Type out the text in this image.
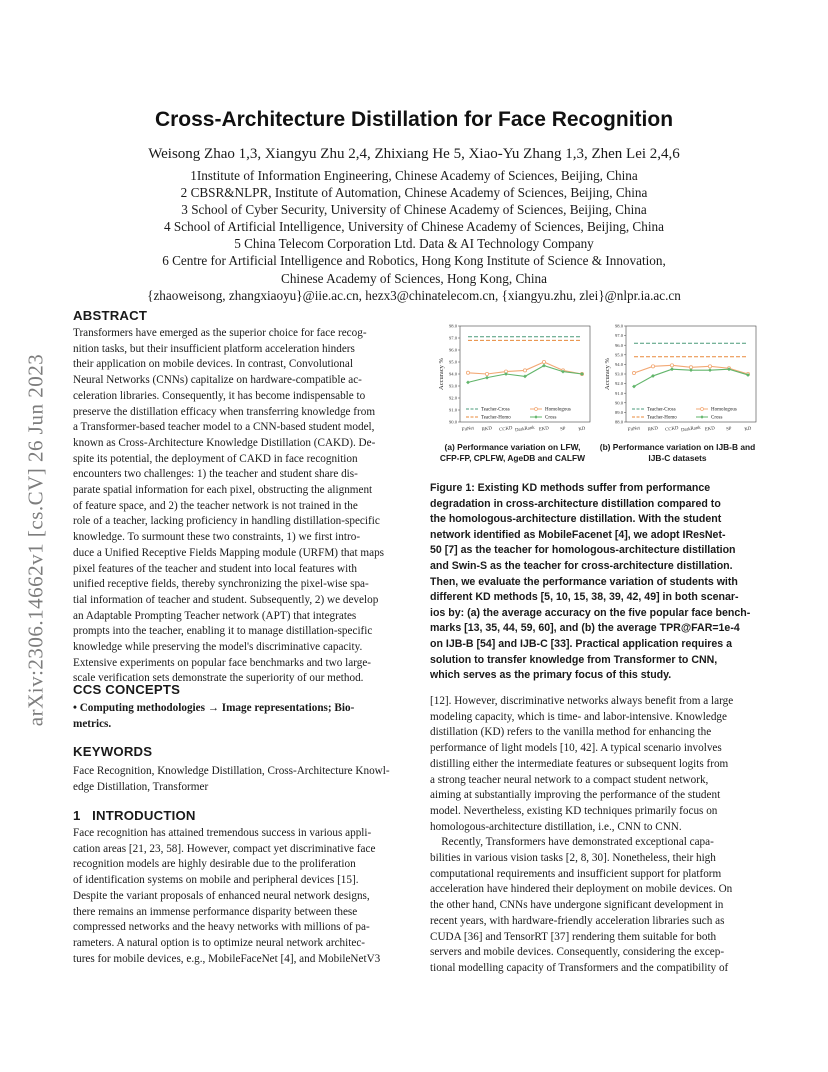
arXiv:2306.14662v1 [cs.CV] 26 Jun 2023
Cross-Architecture Distillation for Face Recognition
Weisong Zhao 1,3, Xiangyu Zhu 2,4, Zhixiang He 5, Xiao-Yu Zhang 1,3, Zhen Lei 2,4,6
1Institute of Information Engineering, Chinese Academy of Sciences, Beijing, China
2 CBSR&NLPR, Institute of Automation, Chinese Academy of Sciences, Beijing, China
3 School of Cyber Security, University of Chinese Academy of Sciences, Beijing, China
4 School of Artificial Intelligence, University of Chinese Academy of Sciences, Beijing, China
5 China Telecom Corporation Ltd. Data & AI Technology Company
6 Centre for Artificial Intelligence and Robotics, Hong Kong Institute of Science & Innovation,
Chinese Academy of Sciences, Hong Kong, China
{zhaoweisong, zhangxiaoyu}@iie.ac.cn, hezx3@chinatelecom.cn, {xiangyu.zhu, zlei}@nlpr.ia.ac.cn
ABSTRACT
Transformers have emerged as the superior choice for face recog-
nition tasks, but their insufficient platform acceleration hinders
their application on mobile devices. In contrast, Convolutional
Neural Networks (CNNs) capitalize on hardware-compatible ac-
celeration libraries. Consequently, it has become indispensable to
preserve the distillation efficacy when transferring knowledge from
a Transformer-based teacher model to a CNN-based student model,
known as Cross-Architecture Knowledge Distillation (CAKD). De-
spite its potential, the deployment of CAKD in face recognition
encounters two challenges: 1) the teacher and student share dis-
parate spatial information for each pixel, obstructing the alignment
of feature space, and 2) the teacher network is not trained in the
role of a teacher, lacking proficiency in handling distillation-specific
knowledge. To surmount these two constraints, 1) we first intro-
duce a Unified Receptive Fields Mapping module (URFM) that maps
pixel features of the teacher and student into local features with
unified receptive fields, thereby synchronizing the pixel-wise spa-
tial information of teacher and student. Subsequently, 2) we develop
an Adaptable Prompting Teacher network (APT) that integrates
prompts into the teacher, enabling it to manage distillation-specific
knowledge while preserving the model's discriminative capacity.
Extensive experiments on popular face benchmarks and two large-
scale verification sets demonstrate the superiority of our method.
CCS CONCEPTS
• Computing methodologies → Image representations; Bio-
metrics.
KEYWORDS
Face Recognition, Knowledge Distillation, Cross-Architecture Knowl-
edge Distillation, Transformer
1 INTRODUCTION
Face recognition has attained tremendous success in various appli-
cation areas [21, 23, 58]. However, compact yet discriminative face
recognition models are highly desirable due to the proliferation
of identification systems on mobile and peripheral devices [15].
Despite the variant proposals of enhanced neural network designs,
there remains an immense performance disparity between these
compressed networks and the heavy networks with millions of pa-
rameters. A natural option is to optimize neural network architec-
tures for mobile devices, e.g., MobileFaceNet [4], and MobileNetV3
90.0
91.0
92.0
93.0
94.0
95.0
96.0
97.0
98.0
Accuracy %
FitNet RKD CCKD DarkRank EKD SP	KD
Teacher-Cross
Teacher-Homo
Homologous
Cross
88.0
89.0
90.0
91.0
92.0
93.0
94.0
95.0
96.0
97.0
98.0
Accuracy %
FitNet RKD CCKD DarkRank EKD SP	KD
Teacher-Cross
Teacher-Homo
Homologous
Cross
(a) Performance variation on LFW,
CFP-FP, CPLFW, AgeDB and CALFW
(b) Performance variation on IJB-B and
IJB-C datasets
Figure 1: Existing KD methods suffer from performance
degradation in cross-architecture distillation compared to
the homologous-architecture distillation. With the student
network identified as MobileFacenet [4], we adopt IResNet-
50 [7] as the teacher for homologous-architecture distillation
and Swin-S as the teacher for cross-architecture distillation.
Then, we evaluate the performance variation of students with
different KD methods [5, 10, 15, 38, 39, 42, 49] in both scenar-
ios by: (a) the average accuracy on the five popular face bench-
marks [13, 35, 44, 59, 60], and (b) the average TPR@FAR=1e-4
on IJB-B [54] and IJB-C [33]. Practical application requires a
solution to transfer knowledge from Transformer to CNN,
which serves as the primary focus of this study.
[12]. However, discriminative networks always benefit from a large
modeling capacity, which is time- and labor-intensive. Knowledge
distillation (KD) refers to the vanilla method for enhancing the
performance of light models [10, 42]. A typical scenario involves
distilling either the intermediate features or subsequent logits from
a strong teacher neural network to a compact student network,
aiming at substantially improving the performance of the student
model. Nevertheless, existing KD techniques primarily focus on
homologous-architecture distillation, i.e., CNN to CNN.
Recently, Transformers have demonstrated exceptional capa-
bilities in various vision tasks [2, 8, 30]. Nonetheless, their high
computational requirements and insufficient support for platform
acceleration have hindered their deployment on mobile devices. On
the other hand, CNNs have undergone significant development in
recent years, with hardware-friendly acceleration libraries such as
CUDA [36] and TensorRT [37] rendering them suitable for both
servers and mobile devices. Consequently, considering the excep-
tional modelling capacity of Transformers and the compatibility of
